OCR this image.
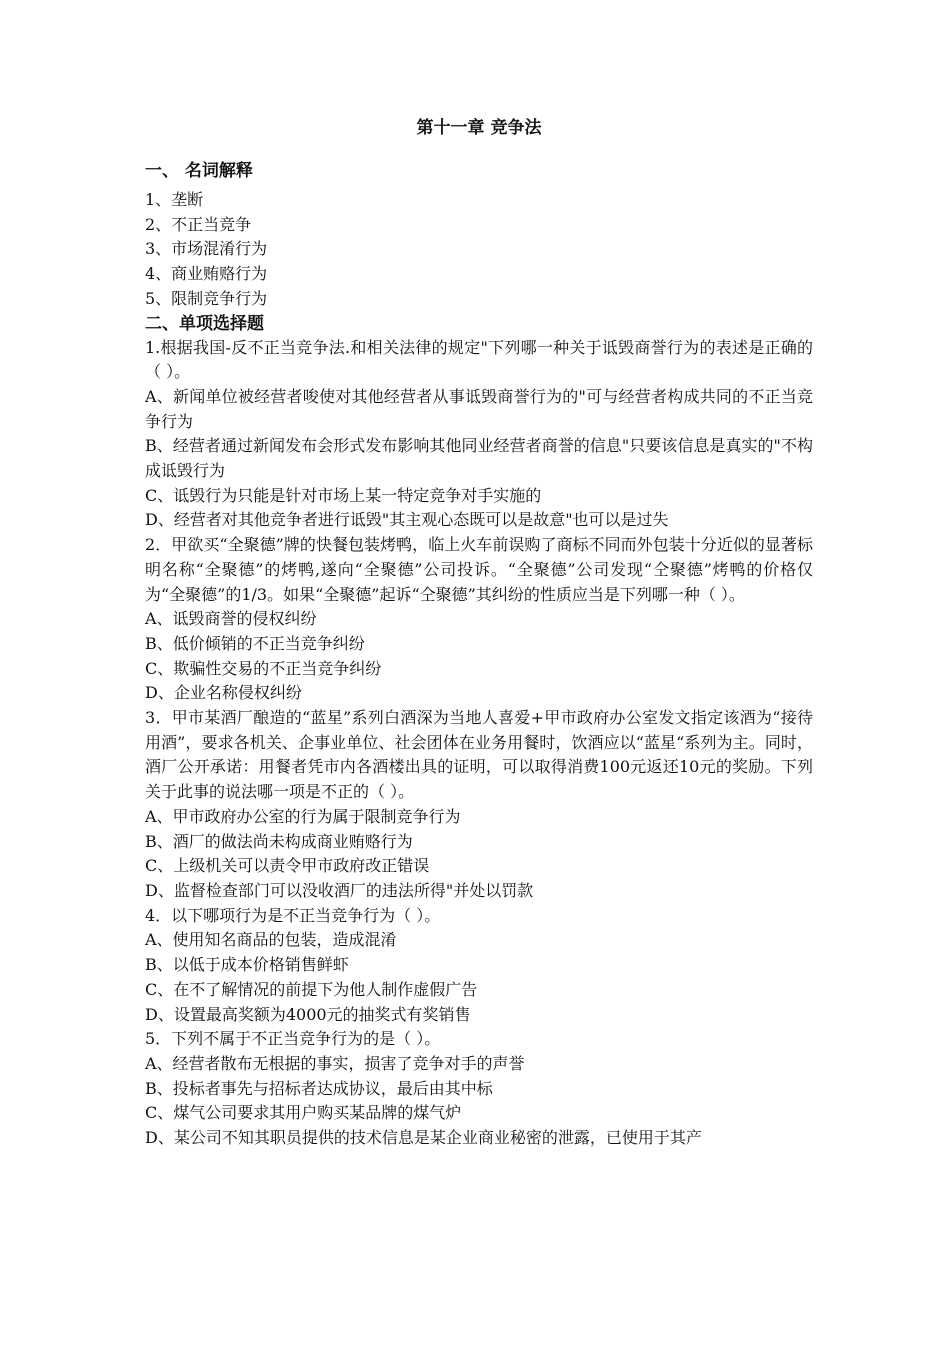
第十一章 竞争法
一、 名词解释
1、垄断
2、不正当竞争
3、市场混淆行为
4、商业贿赂行为
5、限制竞争行为
二、单项选择题
1.根据我国-反不正当竞争法.和相关法律的规定"下列哪一种关于诋毁商誉行为的表述是正确的（ ）。
A、新闻单位被经营者唆使对其他经营者从事诋毁商誉行为的"可与经营者构成共同的不正当竞争行为
B、经营者通过新闻发布会形式发布影响其他同业经营者商誉的信息"只要该信息是真实的"不构成诋毁行为
C、诋毁行为只能是针对市场上某一特定竞争对手实施的
D、经营者对其他竞争者进行诋毁"其主观心态既可以是故意"也可以是过失
2．甲欲买“全聚德”牌的快餐包装烤鸭，临上火车前误购了商标不同而外包装十分近似的显著标明名称“全聚德”的烤鸭,遂向“全聚德”公司投诉。“全聚德”公司发现“仝聚德”烤鸭的价格仅为“全聚德”的1/3。如果“全聚德”起诉“仝聚德”其纠纷的性质应当是下列哪一种（ ）。
A、诋毁商誉的侵权纠纷
B、低价倾销的不正当竞争纠纷
C、欺骗性交易的不正当竞争纠纷
D、企业名称侵权纠纷
3．甲市某酒厂酿造的“蓝星”系列白酒深为当地人喜爱+甲市政府办公室发文指定该酒为“接待用酒”，要求各机关、企事业单位、社会团体在业务用餐时，饮酒应以“蓝星“系列为主。同时，酒厂公开承诺：用餐者凭市内各酒楼出具的证明，可以取得消费100元返还10元的奖励。下列关于此事的说法哪一项是不正的（ ）。
A、甲市政府办公室的行为属于限制竞争行为
B、酒厂的做法尚未构成商业贿赂行为
C、上级机关可以责令甲市政府改正错误
D、监督检查部门可以没收酒厂的违法所得"并处以罚款
4．以下哪项行为是不正当竞争行为（ ）。
A、使用知名商品的包装，造成混淆
B、以低于成本价格销售鲜虾
C、在不了解情况的前提下为他人制作虚假广告
D、设置最高奖额为4000元的抽奖式有奖销售
5．下列不属于不正当竞争行为的是（ ）。
A、经营者散布无根据的事实，损害了竞争对手的声誉
B、投标者事先与招标者达成协议，最后由其中标
C、煤气公司要求其用户购买某品牌的煤气炉
D、某公司不知其职员提供的技术信息是某企业商业秘密的泄露，已使用于其产
